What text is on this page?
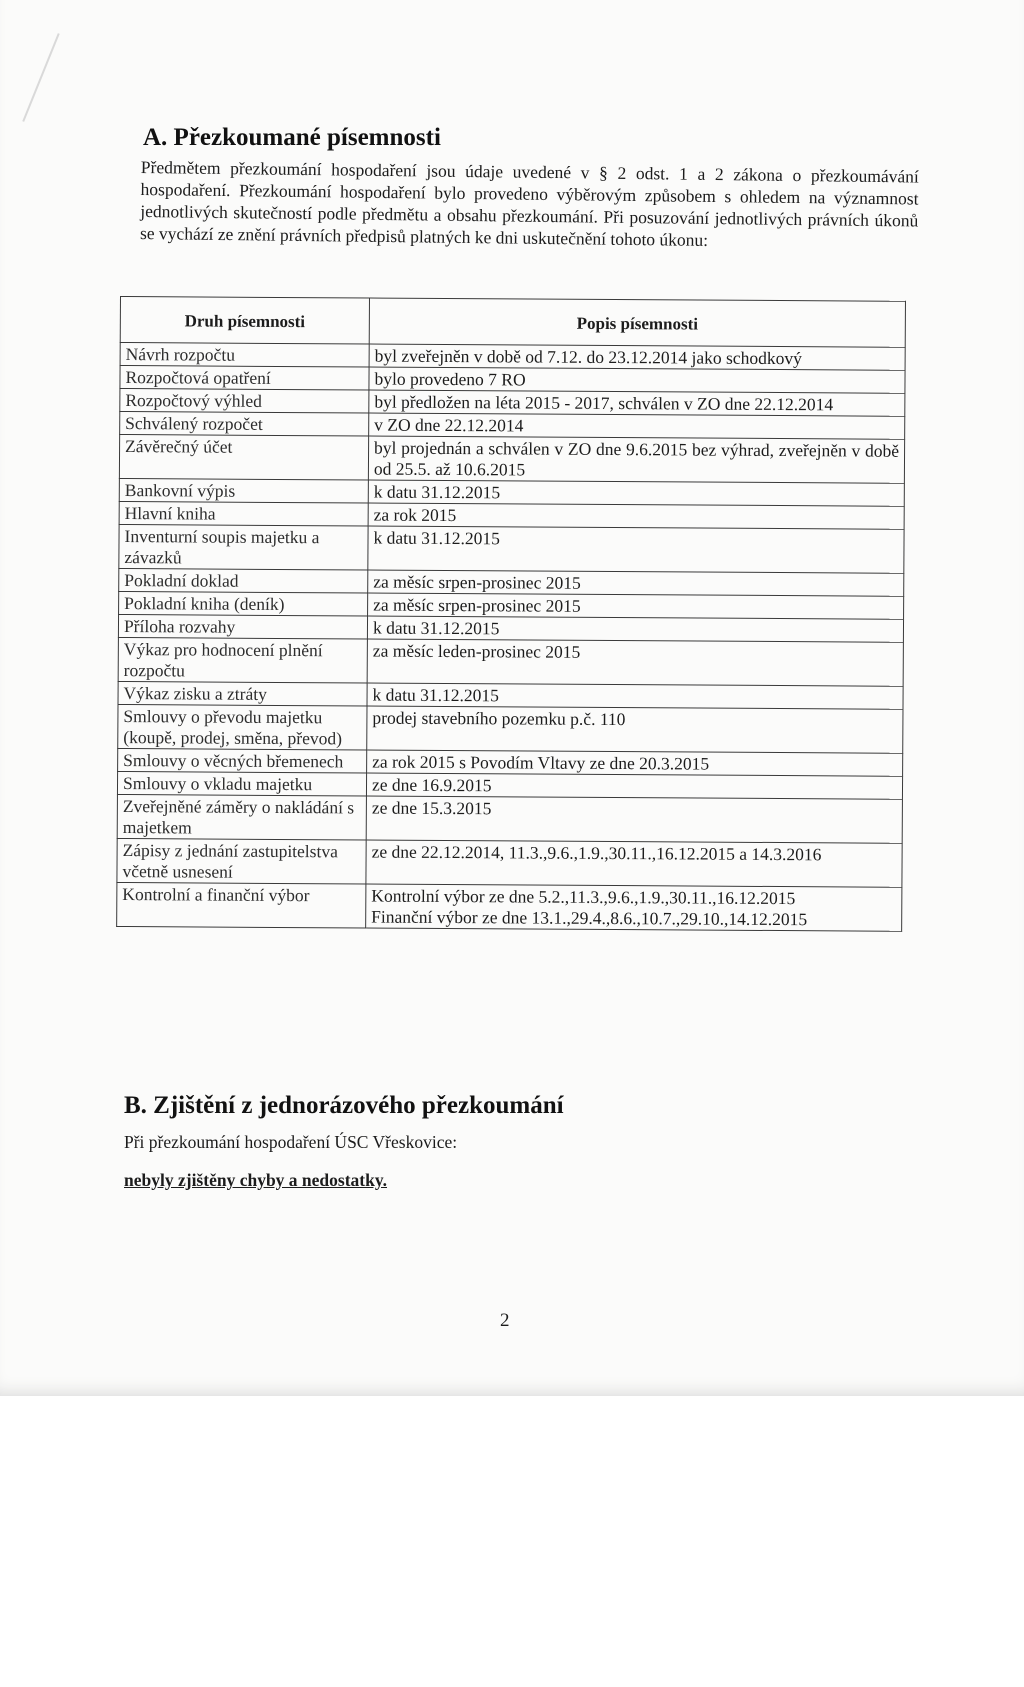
A. Přezkoumané písemnosti

Předmětem přezkoumání hospodaření jsou údaje uvedené v § 2 odst. 1 a 2 zákona o přezkoumávání hospodaření. Přezkoumání hospodaření bylo provedeno výběrovým způsobem s ohledem na významnost jednotlivých skutečností podle předmětu a obsahu přezkoumání. Při posuzování jednotlivých právních úkonů se vychází ze znění právních předpisů platných ke dni uskutečnění tohoto úkonu:

Druh písemnosti	Popis písemnosti
Návrh rozpočtu	byl zveřejněn v době od 7.12. do 23.12.2014 jako schodkový
Rozpočtová opatření	bylo provedeno 7 RO
Rozpočtový výhled	byl předložen na léta 2015 - 2017, schválen v ZO dne 22.12.2014
Schválený rozpočet	v ZO dne 22.12.2014
Závěrečný účet	byl projednán a schválen v ZO dne 9.6.2015 bez výhrad, zveřejněn v době od 25.5. až 10.6.2015
Bankovní výpis	k datu 31.12.2015
Hlavní kniha	za rok 2015
Inventurní soupis majetku a závazků	k datu 31.12.2015
Pokladní doklad	za měsíc srpen-prosinec 2015
Pokladní kniha (deník)	za měsíc srpen-prosinec 2015
Příloha rozvahy	k datu 31.12.2015
Výkaz pro hodnocení plnění rozpočtu	za měsíc leden-prosinec 2015
Výkaz zisku a ztráty	k datu 31.12.2015
Smlouvy o převodu majetku (koupě, prodej, směna, převod)	prodej stavebního pozemku p.č. 110
Smlouvy o věcných břemenech	za rok 2015 s Povodím Vltavy ze dne 20.3.2015
Smlouvy o vkladu majetku	ze dne 16.9.2015
Zveřejněné záměry o nakládání s majetkem	ze dne 15.3.2015
Zápisy z jednání zastupitelstva včetně usnesení	ze dne 22.12.2014, 11.3.,9.6.,1.9.,30.11.,16.12.2015 a 14.3.2016
Kontrolní a finanční výbor	Kontrolní výbor ze dne 5.2.,11.3.,9.6.,1.9.,30.11.,16.12.2015
Finanční výbor ze dne 13.1.,29.4.,8.6.,10.7.,29.10.,14.12.2015
B. Zjištění z jednorázového přezkoumání

Při přezkoumání hospodaření ÚSC Vřeskovice:

nebyly zjištěny chyby a nedostatky.

2
